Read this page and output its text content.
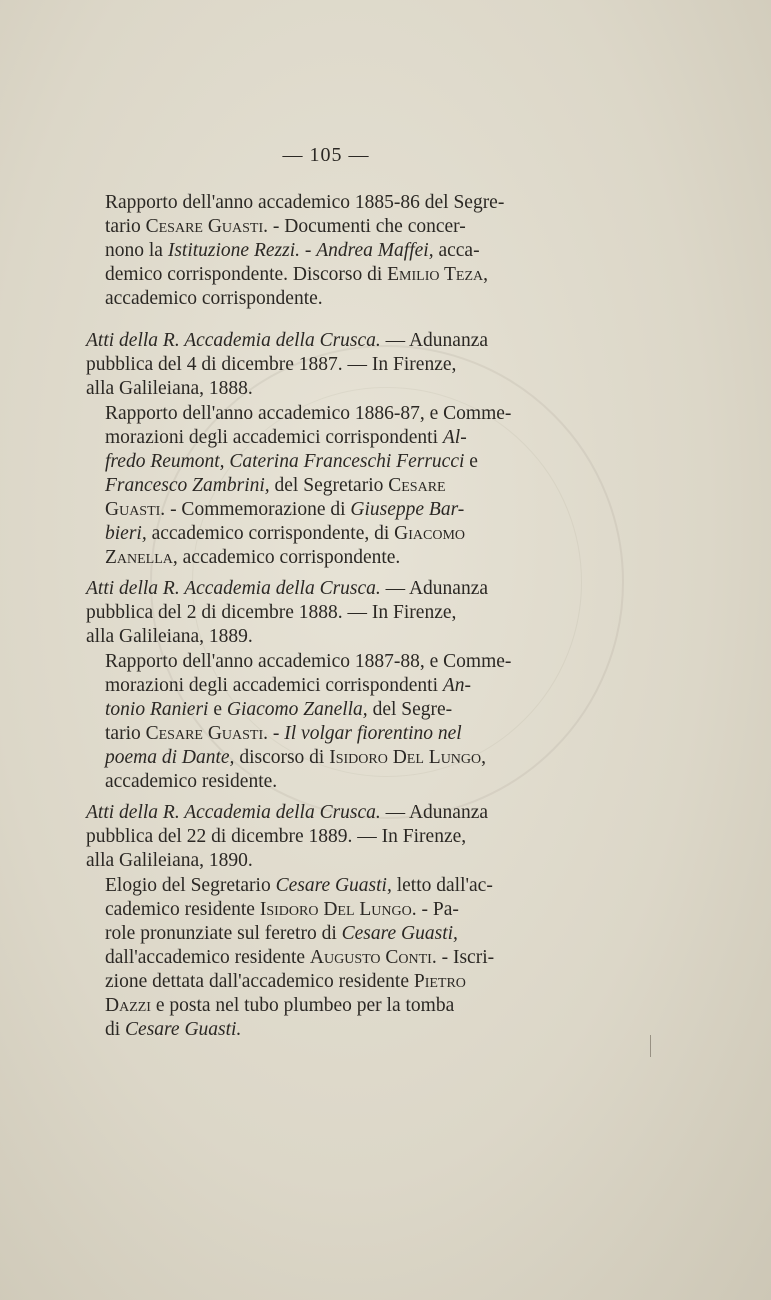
— 105 —
Rapporto dell'anno accademico 1885-86 del Segre-
tario Cesare Guasti. - Documenti che concer-
nono la Istituzione Rezzi. - Andrea Maffei, acca-
demico corrispondente. Discorso di Emilio Teza,
accademico corrispondente.
Atti della R. Accademia della Crusca. — Adunanza
pubblica del 4 di dicembre 1887. — In Firenze,
alla Galileiana, 1888.
Rapporto dell'anno accademico 1886-87, e Comme-
morazioni degli accademici corrispondenti Al-
fredo Reumont, Caterina Franceschi Ferrucci e
Francesco Zambrini, del Segretario Cesare
Guasti. - Commemorazione di Giuseppe Bar-
bieri, accademico corrispondente, di Giacomo
Zanella, accademico corrispondente.
Atti della R. Accademia della Crusca. — Adunanza
pubblica del 2 di dicembre 1888. — In Firenze,
alla Galileiana, 1889.
Rapporto dell'anno accademico 1887-88, e Comme-
morazioni degli accademici corrispondenti An-
tonio Ranieri e Giacomo Zanella, del Segre-
tario Cesare Guasti. - Il volgar fiorentino nel
poema di Dante, discorso di Isidoro Del Lungo,
accademico residente.
Atti della R. Accademia della Crusca. — Adunanza
pubblica del 22 di dicembre 1889. — In Firenze,
alla Galileiana, 1890.
Elogio del Segretario Cesare Guasti, letto dall'ac-
cademico residente Isidoro Del Lungo. - Pa-
role pronunziate sul feretro di Cesare Guasti,
dall'accademico residente Augusto Conti. - Iscri-
zione dettata dall'accademico residente Pietro
Dazzi e posta nel tubo plumbeo per la tomba
di Cesare Guasti.
